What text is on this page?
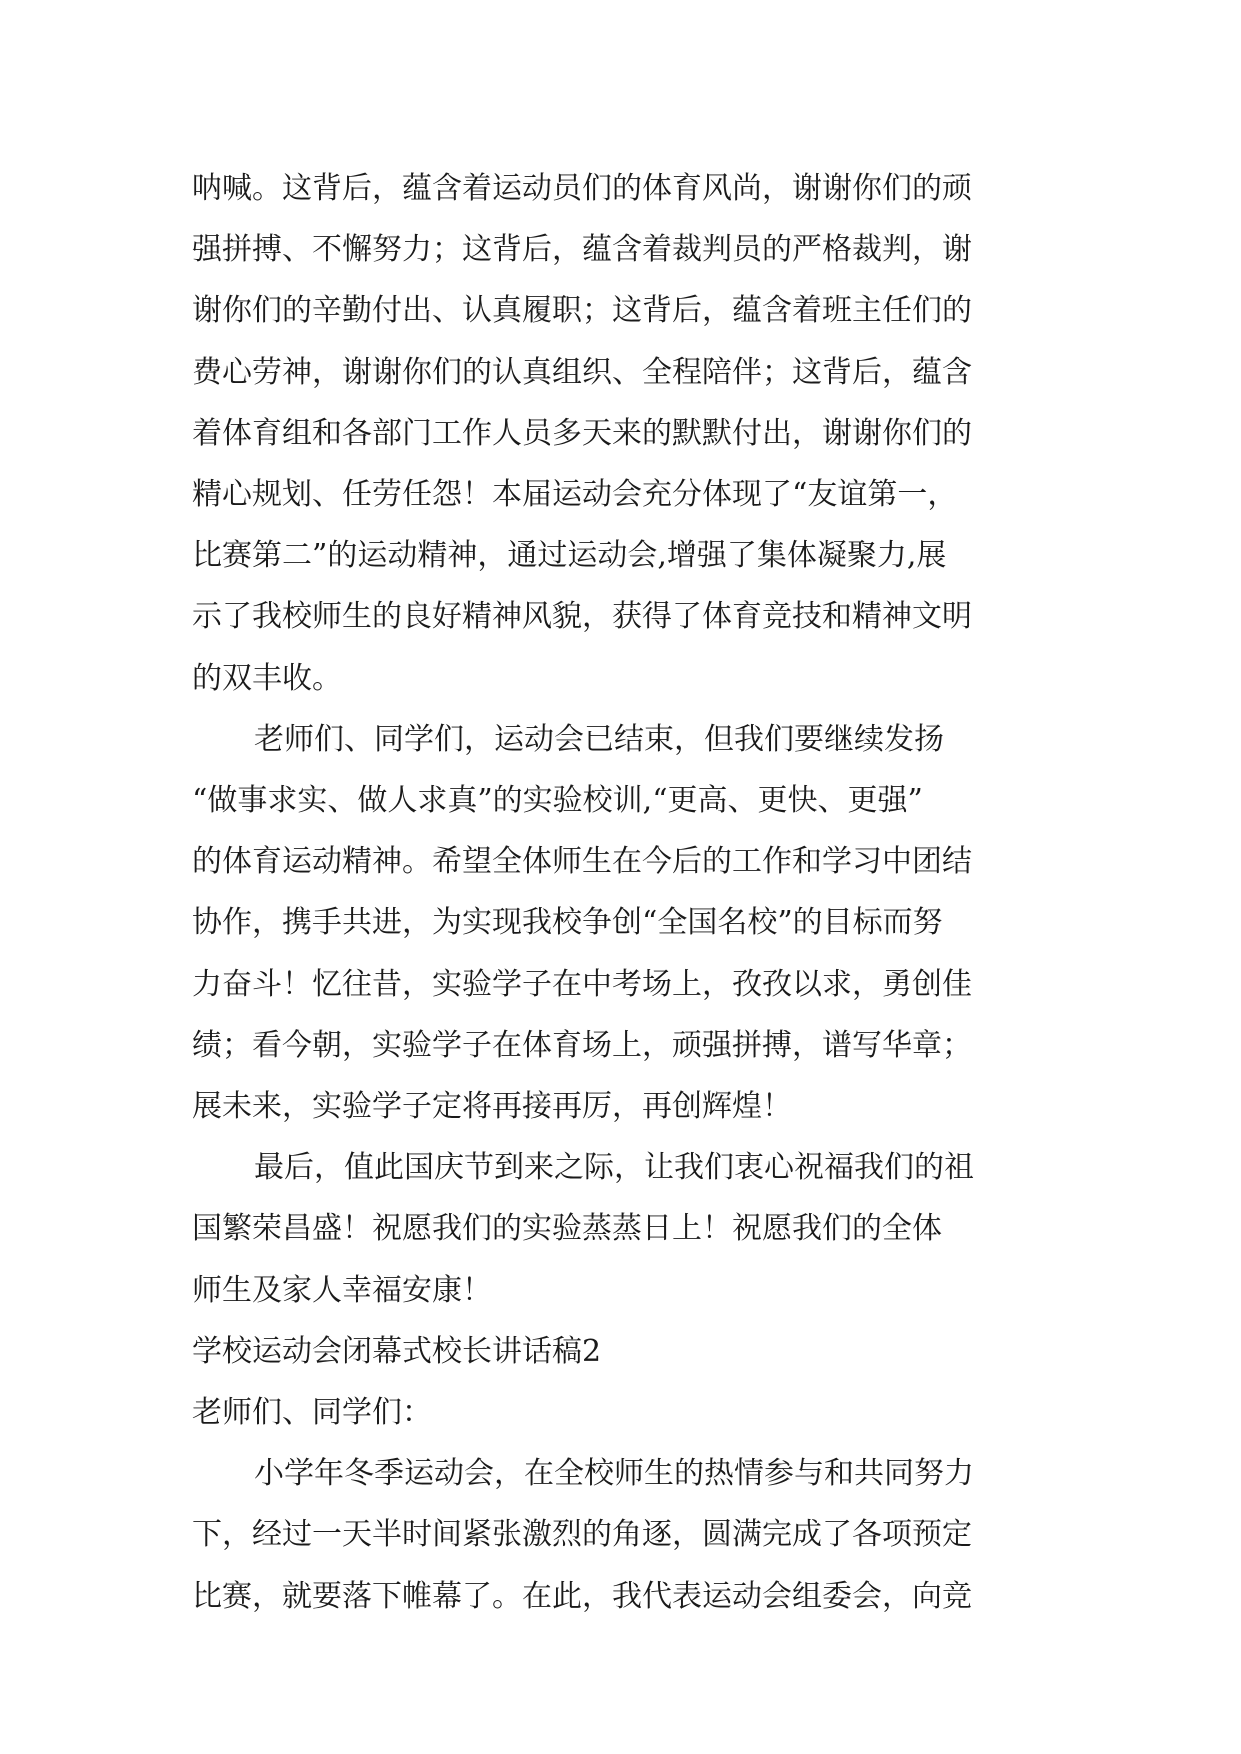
呐喊。这背后，蕴含着运动员们的体育风尚，谢谢你们的顽
强拼搏、不懈努力；这背后，蕴含着裁判员的严格裁判，谢
谢你们的辛勤付出、认真履职；这背后，蕴含着班主任们的
费心劳神，谢谢你们的认真组织、全程陪伴；这背后，蕴含
着体育组和各部门工作人员多天来的默默付出，谢谢你们的
精心规划、任劳任怨！本届运动会充分体现了“友谊第一，
比赛第二”的运动精神，通过运动会,增强了集体凝聚力,展
示了我校师生的良好精神风貌，获得了体育竞技和精神文明
的双丰收。
老师们、同学们，运动会已结束，但我们要继续发扬
“做事求实、做人求真”的实验校训,“更高、更快、更强”
的体育运动精神。希望全体师生在今后的工作和学习中团结
协作，携手共进，为实现我校争创“全国名校”的目标而努
力奋斗！忆往昔，实验学子在中考场上，孜孜以求，勇创佳
绩；看今朝，实验学子在体育场上，顽强拼搏，谱写华章；
展未来，实验学子定将再接再厉，再创辉煌！
最后，值此国庆节到来之际，让我们衷心祝福我们的祖
国繁荣昌盛！祝愿我们的实验蒸蒸日上！祝愿我们的全体
师生及家人幸福安康！
学校运动会闭幕式校长讲话稿2
老师们、同学们：
小学年冬季运动会，在全校师生的热情参与和共同努力
下，经过一天半时间紧张激烈的角逐，圆满完成了各项预定
比赛，就要落下帷幕了。在此，我代表运动会组委会，向竞
